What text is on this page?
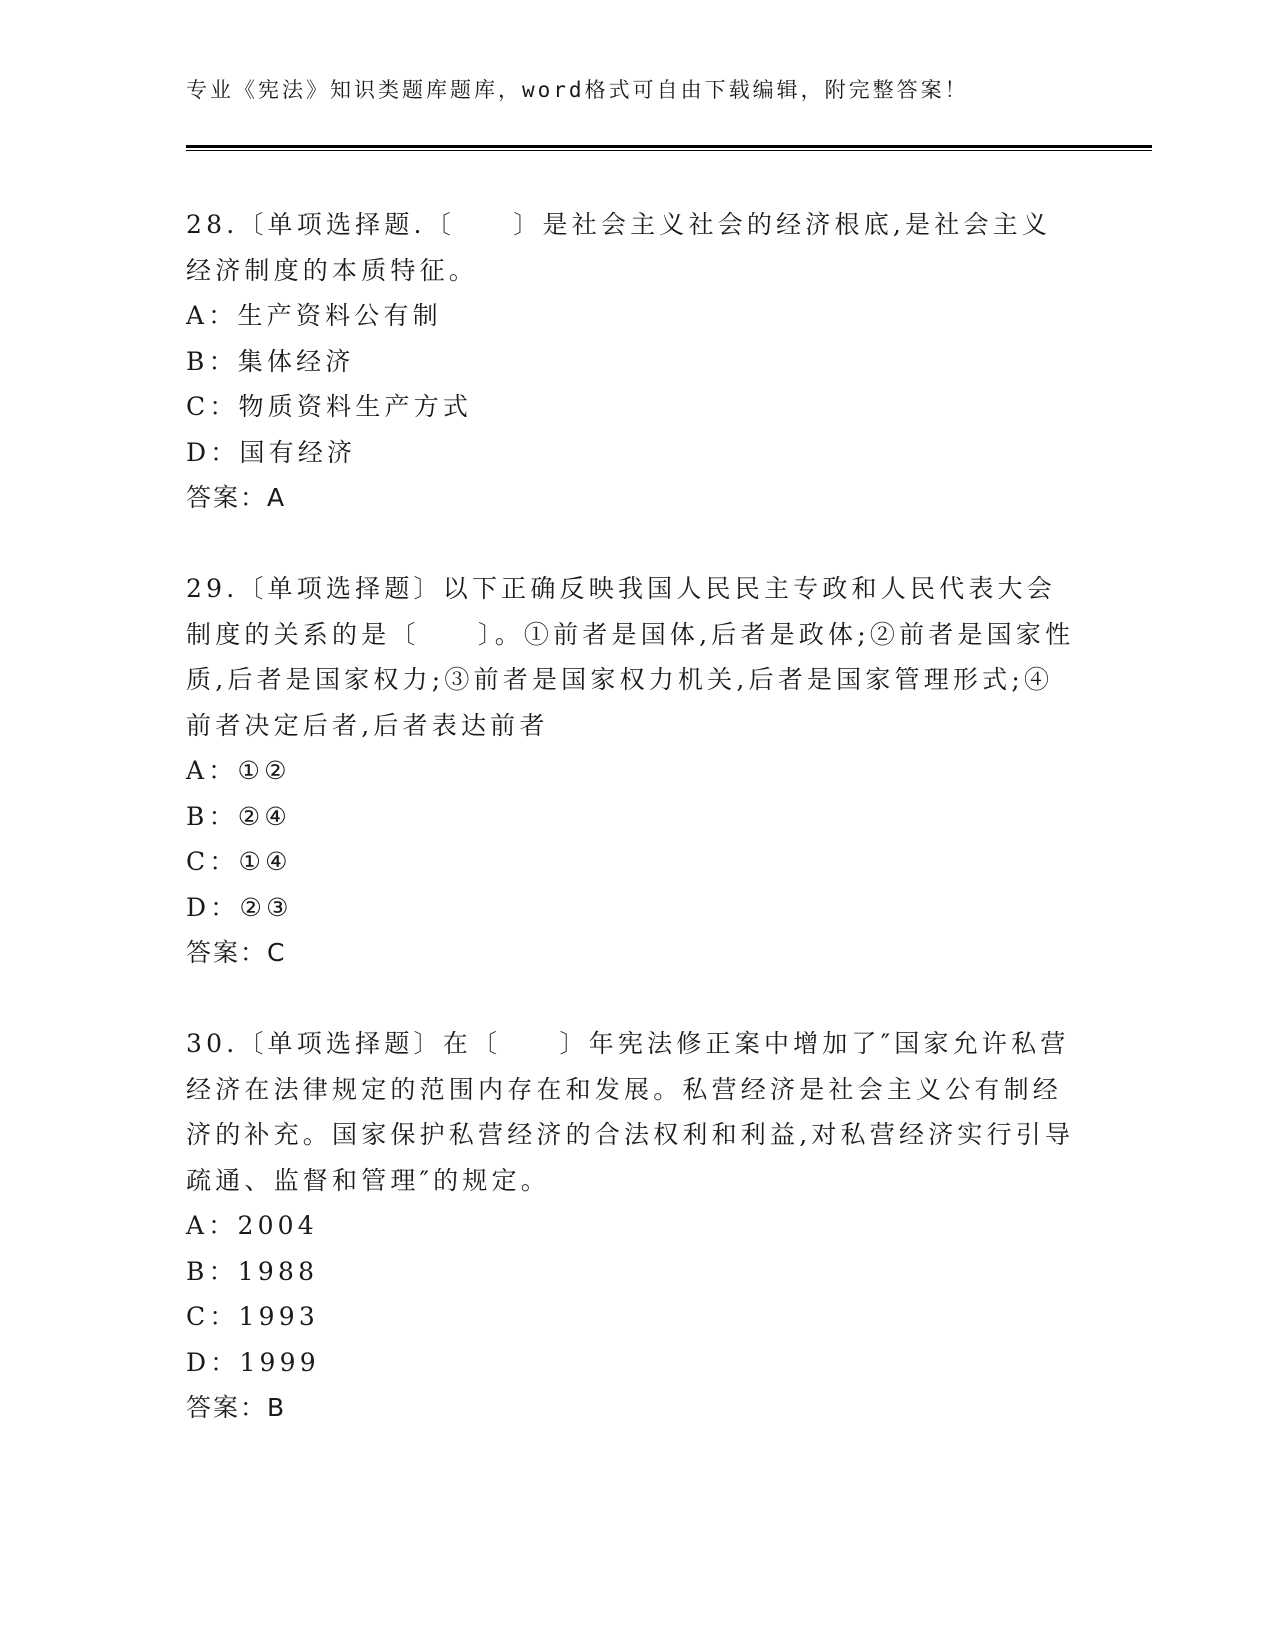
专业《宪法》知识类题库题库，word格式可自由下载编辑，附完整答案！

28.〔单项选择题.〔　　〕是社会主义社会的经济根底,是社会主义经济制度的本质特征。

A：生产资料公有制

B：集体经济

C：物质资料生产方式

D：国有经济

答案：A

29.〔单项选择题〕以下正确反映我国人民民主专政和人民代表大会制度的关系的是〔　　〕。①前者是国体,后者是政体;②前者是国家性质,后者是国家权力;③前者是国家权力机关,后者是国家管理形式;④前者决定后者,后者表达前者

A：①②

B：②④

C：①④

D：②③

答案：C

30.〔单项选择题〕在〔　　〕年宪法修正案中增加了″国家允许私营经济在法律规定的范围内存在和发展。私营经济是社会主义公有制经济的补充。国家保护私营经济的合法权利和利益,对私营经济实行引导疏通、监督和管理″的规定。

A：2004

B：1988

C：1993

D：1999

答案：B
